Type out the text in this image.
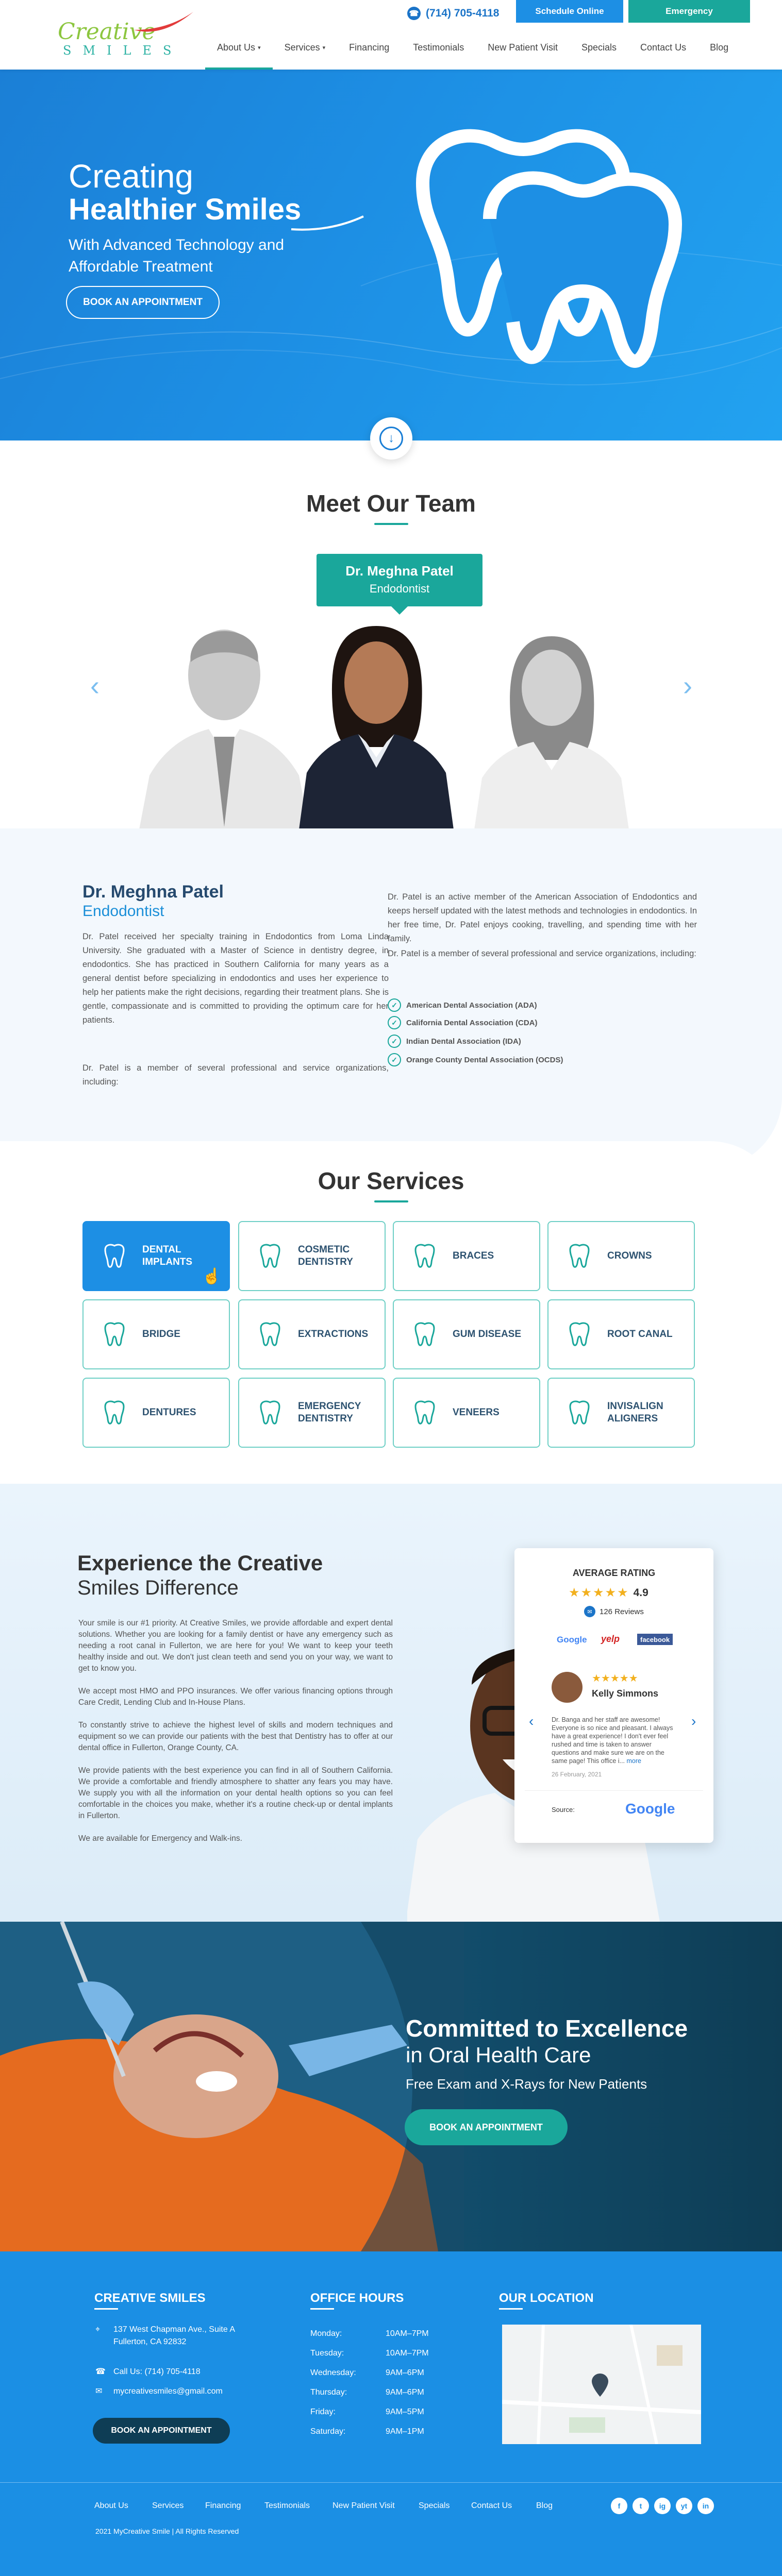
Creative
SMILES
☎ (714) 705-4118	Schedule Online	Emergency
About Us
▾	Services
▾	Financing	Testimonials	New Patient Visit	Specials	Contact Us	Blog
Creating
Healthier Smiles
With Advanced Technology and Affordable Treatment
BOOK AN APPOINTMENT
↓
Meet Our Team
Dr. Meghna Patel
Endodontist
‹	›
Dr. Meghna Patel
Endodontist
Dr. Patel received her specialty training in Endodontics from Loma Linda University. She graduated with a Master of Science in dentistry degree, in endodontics. She has practiced in Southern California for many years as a general dentist before specializing in endodontics and uses her experience to help her patients make the right decisions, regarding their treatment plans. She is gentle, compassionate and is committed to providing the optimum care for her patients.
Dr. Patel is a member of several professional and service organizations, including:
Dr. Patel is an active member of the American Association of Endodontics and keeps herself updated with the latest methods and technologies in endodontics. In her free time, Dr. Patel enjoys cooking, travelling, and spending time with her family.
Dr. Patel is a member of several professional and service organizations, including:
✓	American Dental Association (ADA)
✓	California Dental Association (CDA)
✓	Indian Dental Association (IDA)
✓	Orange County Dental Association (OCDS)
Our Services
DENTAL IMPLANTS
COSMETIC DENTISTRY
BRACES	CROWNS
BRIDGE	EXTRACTIONS	GUM DISEASE	ROOT CANAL
DENTURES
EMERGENCY DENTISTRY
VENEERS
INVISALIGN ALIGNERS
☝
Experience the Creative
Smiles Difference
Your smile is our #1 priority. At Creative Smiles, we provide affordable and expert dental solutions. Whether you are looking for a family dentist or have any emergency such as needing a root canal in Fullerton, we are here for you! We want to keep your teeth healthy inside and out. We don't just clean teeth and send you on your way, we want to get to know you.
We accept most HMO and PPO insurances. We offer various financing options through Care Credit, Lending Club and In-House Plans.
To constantly strive to achieve the highest level of skills and modern techniques and equipment so we can provide our patients with the best that Dentistry has to offer at our dental office in Fullerton, Orange County, CA.
We provide patients with the best experience you can find in all of Southern California. We provide a comfortable and friendly atmosphere to shatter any fears you may have. We supply you with all the information on your dental health options so you can feel comfortable in the choices you make, whether it's a routine check-up or dental implants in Fullerton.
We are available for Emergency and Walk-ins.
AVERAGE RATING
★★★★★ 4.9
✉ 126 Reviews
Google yelp	facebook
★★★★★
Kelly Simmons
Dr. Banga and her staff are awesome! Everyone is so nice and pleasant. I always have a great experience! I don't ever feel rushed and time is taken to answer questions and make sure we are on the same page! This office i... more
26 February, 2021
Source:	Google
‹	›
Committed to Excellence
in Oral Health Care
Free Exam and X-Rays for New Patients
BOOK AN APPOINTMENT
CREATIVE SMILES
⌖ 137 West Chapman Ave., Suite A
Fullerton, CA 92832
☎ Call Us: (714) 705-4118
✉ mycreativesmiles@gmail.com
BOOK AN APPOINTMENT
OFFICE HOURS
Monday:	10AM–7PM
Tuesday:	10AM–7PM
Wednesday:	9AM–6PM
Thursday:	9AM–6PM
Friday:	9AM–5PM
Saturday:	9AM–1PM
OUR LOCATION
About Us	Services	Financing	Testimonials	New Patient Visit	Specials	Contact Us	Blog	f	t	ig	yt	in
2021 MyCreative Smile | All Rights Reserved
